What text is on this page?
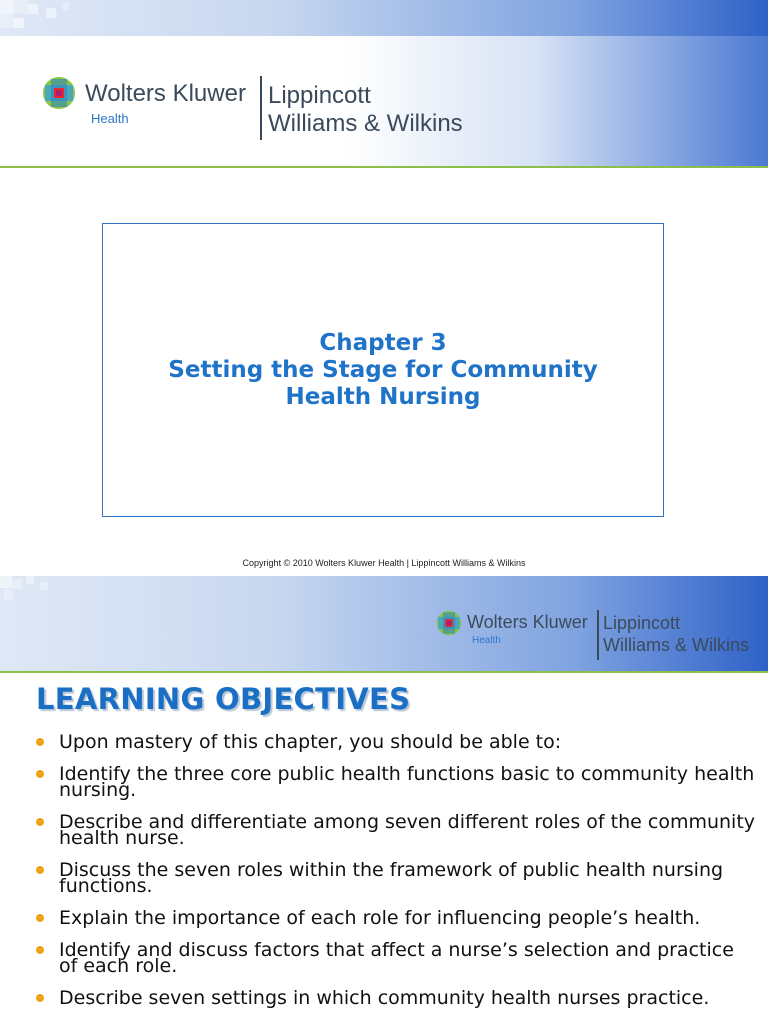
Wolters Kluwer
Health
Lippincott
Williams & Wilkins
Chapter 3
Setting the Stage for Community
Health Nursing
Copyright © 2010 Wolters Kluwer Health | Lippincott Williams & Wilkins
Wolters Kluwer
Health
Lippincott
Williams & Wilkins
LEARNING OBJECTIVES
Upon mastery of this chapter, you should be able to:
Identify the three core public health functions basic to community health nursing.
Describe and differentiate among seven different roles of the community health nurse.
Discuss the seven roles within the framework of public health nursing functions.
Explain the importance of each role for influencing people’s health.
Identify and discuss factors that affect a nurse’s selection and practice of each role.
Describe seven settings in which community health nurses practice.
